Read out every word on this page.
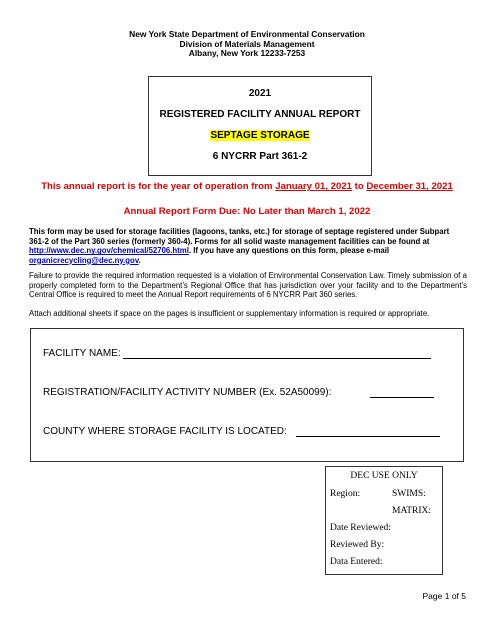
New York State Department of Environmental Conservation
Division of Materials Management
Albany, New York 12233-7253
2021
REGISTERED FACILITY ANNUAL REPORT
SEPTAGE STORAGE
6 NYCRR Part 361-2
This annual report is for the year of operation from January 01, 2021 to December 31, 2021
Annual Report Form Due: No Later than March 1, 2022
This form may be used for storage facilities (lagoons, tanks, etc.) for storage of septage registered under Subpart 361-2 of the Part 360 series (formerly 360-4). Forms for all solid waste management facilities can be found at http://www.dec.ny.gov/chemical/52706.html. If you have any questions on this form, please e-mail organicrecycling@dec.ny.gov.
Failure to provide the required information requested is a violation of Environmental Conservation Law. Timely submission of a properly completed form to the Department’s Regional Office that has jurisdiction over your facility and to the Department’s Central Office is required to meet the Annual Report requirements of 6 NYCRR Part 360 series.
Attach additional sheets if space on the pages is insufficient or supplementary information is required or appropriate.
FACILITY NAME:
REGISTRATION/FACILITY ACTIVITY NUMBER (Ex. 52A50099):
COUNTY WHERE STORAGE FACILITY IS LOCATED:
DEC USE ONLY
Region:	SWIMS:
MATRIX:
Date Reviewed:
Reviewed By:
Data Entered:
Page 1 of 5
